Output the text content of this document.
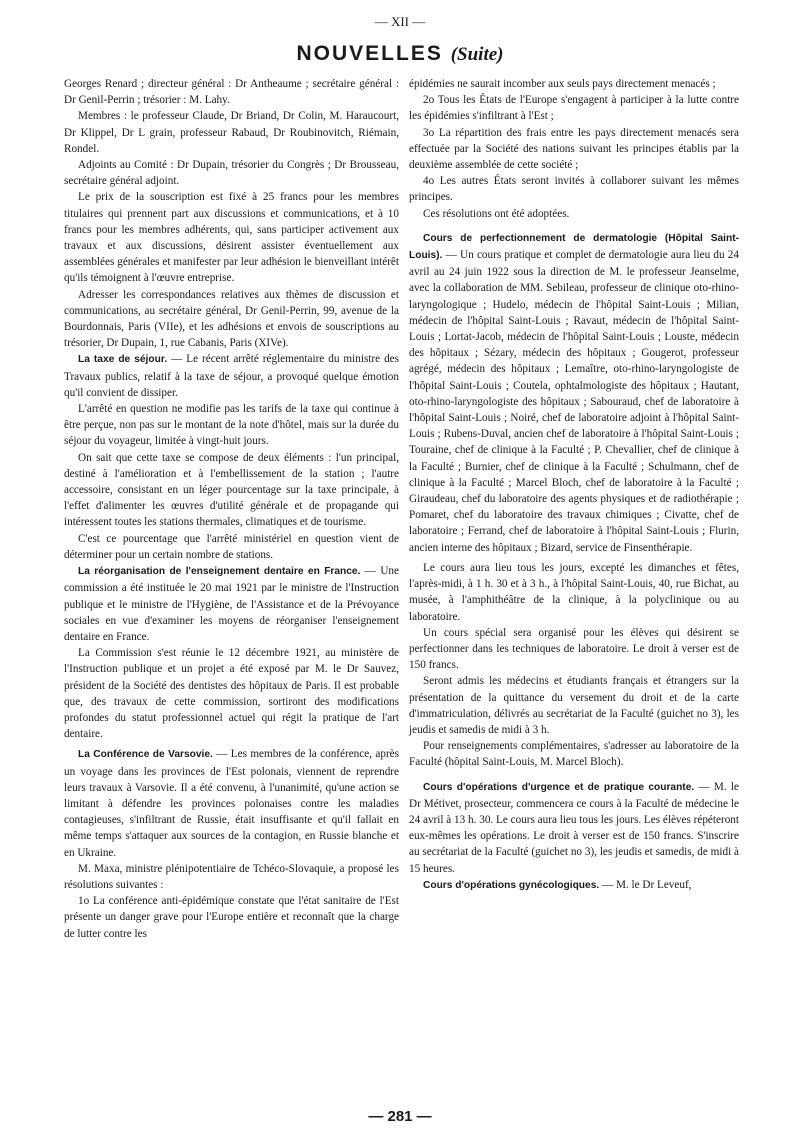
— XII —
NOUVELLES (Suite)

Georges Renard ; directeur général : Dr Antheaume ; secrétaire général : Dr Genil-Perrin ; trésorier : M. Lahy.

Membres : le professeur Claude, Dr Briand, Dr Colin, M. Haraucourt, Dr Klippel, Dr L grain, professeur Rabaud, Dr Roubinovitch, Riémain, Rondel.

Adjoints au Comité : Dr Dupain, trésorier du Congrès ; Dr Brousseau, secrétaire général adjoint.

Le prix de la souscription est fixé à 25 francs pour les membres titulaires qui prennent part aux discussions et communications, et à 10 francs pour les membres adhérents, qui, sans participer activement aux travaux et aux discussions, désirent assister éventuellement aux assemblées générales et manifester par leur adhésion le bienveillant intérêt qu'ils témoignent à l'œuvre entreprise.

Adresser les correspondances relatives aux thèmes de discussion et communications, au secrétaire général, Dr Genil-Perrin, 99, avenue de la Bourdonnais, Paris (VIIe), et les adhésions et envois de souscriptions au trésorier, Dr Dupain, 1, rue Cabanis, Paris (XIVe).

La taxe de séjour. — Le récent arrêté réglementaire du ministre des Travaux publics, relatif à la taxe de séjour, a provoqué quelque émotion qu'il convient de dissiper.

L'arrêté en question ne modifie pas les tarifs de la taxe qui continue à être perçue, non pas sur le montant de la note d'hôtel, mais sur la durée du séjour du voyageur, limitée à vingt-huit jours.

On sait que cette taxe se compose de deux éléments : l'un principal, destiné à l'amélioration et à l'embellissement de la station ; l'autre accessoire, consistant en un léger pourcentage sur la taxe principale, à l'effet d'alimenter les œuvres d'utilité générale et de propagande qui intéressent toutes les stations thermales, climatiques et de tourisme.

C'est ce pourcentage que l'arrêté ministériel en question vient de déterminer pour un certain nombre de stations.

La réorganisation de l'enseignement dentaire en France. — Une commission a été instituée le 20 mai 1921 par le ministre de l'Instruction publique et le ministre de l'Hygiène, de l'Assistance et de la Prévoyance sociales en vue d'examiner les moyens de réorganiser l'enseignement dentaire en France.

La Commission s'est réunie le 12 décembre 1921, au ministère de l'Instruction publique et un projet a été exposé par M. le Dr Sauvez, président de la Société des dentistes des hôpitaux de Paris. Il est probable que, des travaux de cette commission, sortiront des modifications profondes du statut professionnel actuel qui régit la pratique de l'art dentaire.

La Conférence de Varsovie. — Les membres de la conférence, après un voyage dans les provinces de l'Est polonais, viennent de reprendre leurs travaux à Varsovie. Il a été convenu, à l'unanimité, qu'une action se limitant à défendre les provinces polonaises contre les maladies contagieuses, s'infiltrant de Russie, était insuffisante et qu'il fallait en même temps s'attaquer aux sources de la contagion, en Russie blanche et en Ukraine.

M. Maxa, ministre plénipotentiaire de Tchéco-Slovaquie, a proposé les résolutions suivantes :

1o La conférence anti-épidémique constate que l'état sanitaire de l'Est présente un danger grave pour l'Europe entière et reconnaît que la charge de lutter contre les

épidémies ne saurait incomber aux seuls pays directement menacés ;

2o Tous les États de l'Europe s'engagent à participer à la lutte contre les épidémies s'infiltrant à l'Est ;

3o La répartition des frais entre les pays directement menacés sera effectuée par la Société des nations suivant les principes établis par la deuxième assemblée de cette société ;

4o Les autres États seront invités à collaborer suivant les mêmes principes.

Ces résolutions ont été adoptées.

Cours de perfectionnement de dermatologie (Hôpital Saint-Louis). — Un cours pratique et complet de dermatologie aura lieu du 24 avril au 24 juin 1922 sous la direction de M. le professeur Jeanselme, avec la collaboration de MM. Sebileau, professeur de clinique oto-rhino-laryngologique ; Hudelo, médecin de l'hôpital Saint-Louis ; Milian, médecin de l'hôpital Saint-Louis ; Ravaut, médecin de l'hôpital Saint-Louis ; Lortat-Jacob, médecin de l'hôpital Saint-Louis ; Louste, médecin des hôpitaux ; Sézary, médecin des hôpitaux ; Gougerot, professeur agrégé, médecin des hôpitaux ; Lemaître, oto-rhino-laryngologiste de l'hôpital Saint-Louis ; Coutela, ophtalmologiste des hôpitaux ; Hautant, oto-rhino-laryngologiste des hôpitaux ; Sabouraud, chef de laboratoire à l'hôpital Saint-Louis ; Noiré, chef de laboratoire adjoint à l'hôpital Saint-Louis ; Rubens-Duval, ancien chef de laboratoire à l'hôpital Saint-Louis ; Touraine, chef de clinique à la Faculté ; P. Chevallier, chef de clinique à la Faculté ; Burnier, chef de clinique à la Faculté ; Schulmann, chef de clinique à la Faculté ; Marcel Bloch, chef de laboratoire à la Faculté ; Giraudeau, chef du laboratoire des agents physiques et de radiothérapie ; Pomaret, chef du laboratoire des travaux chimiques ; Civatte, chef de laboratoire ; Ferrand, chef de laboratoire à l'hôpital Saint-Louis ; Flurin, ancien interne des hôpitaux ; Bizard, service de Finsenthérapie.

Le cours aura lieu tous les jours, excepté les dimanches et fêtes, l'après-midi, à 1 h. 30 et à 3 h., à l'hôpital Saint-Louis, 40, rue Bichat, au musée, à l'amphithéâtre de la clinique, à la polyclinique ou au laboratoire.

Un cours spécial sera organisé pour les élèves qui désirent se perfectionner dans les techniques de laboratoire. Le droit à verser est de 150 francs.

Seront admis les médecins et étudiants français et étrangers sur la présentation de la quittance du versement du droit et de la carte d'immatriculation, délivrés au secrétariat de la Faculté (guichet no 3), les jeudis et samedis de midi à 3 h.

Pour renseignements complémentaires, s'adresser au laboratoire de la Faculté (hôpital Saint-Louis, M. Marcel Bloch).

Cours d'opérations d'urgence et de pratique courante. — M. le Dr Métivet, prosecteur, commencera ce cours à la Faculté de médecine le 24 avril à 13 h. 30. Le cours aura lieu tous les jours. Les élèves répéteront eux-mêmes les opérations. Le droit à verser est de 150 francs. S'inscrire au secrétariat de la Faculté (guichet no 3), les jeudis et samedis, de midi à 15 heures.

Cours d'opérations gynécologiques. — M. le Dr Leveuf,

— 281 —
